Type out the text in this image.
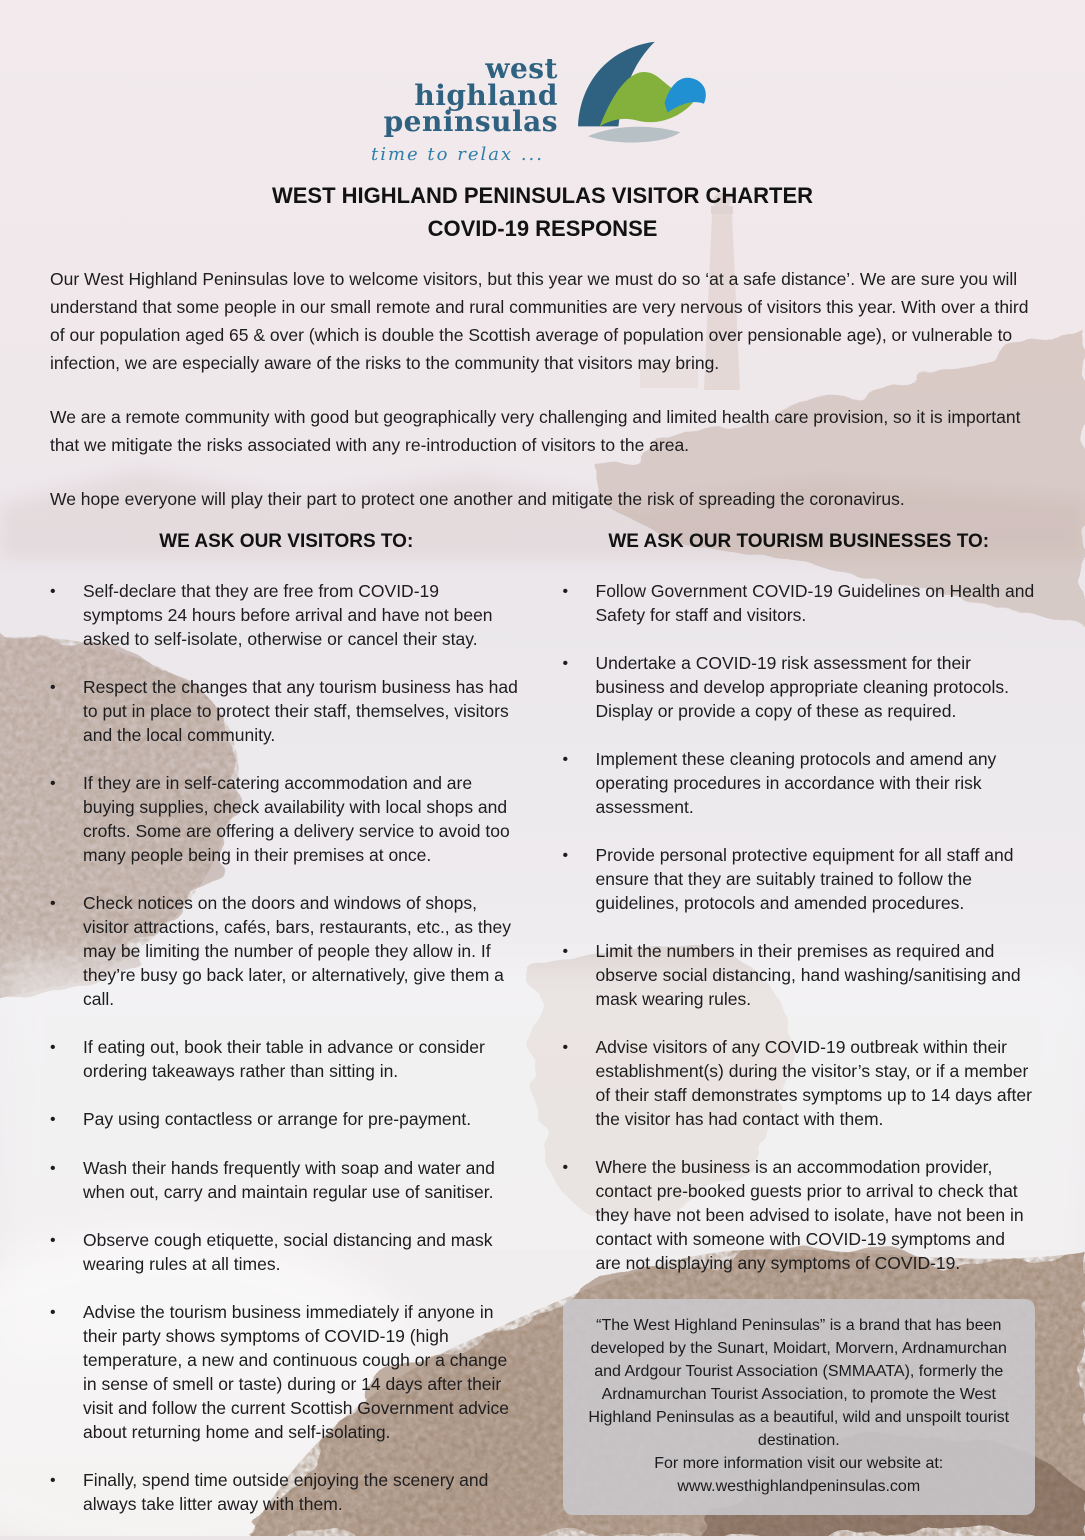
west
highland
peninsulas
time to relax ...
WEST HIGHLAND PENINSULAS VISITOR CHARTER
COVID-19 RESPONSE

Our West Highland Peninsulas love to welcome visitors, but this year we must do so ‘at a safe distance’. We are sure you will understand that some people in our small remote and rural communities are very nervous of visitors this year. With over a third of our population aged 65 & over (which is double the Scottish average of population over pensionable age), or vulnerable to infection, we are especially aware of the risks to the community that visitors may bring.

We are a remote community with good but geographically very challenging and limited health care provision, so it is important that we mitigate the risks associated with any re-introduction of visitors to the area.

We hope everyone will play their part to protect one another and mitigate the risk of spreading the coronavirus.

WE ASK OUR VISITORS TO:
•	Self-declare that they are free from COVID-19 symptoms 24 hours before arrival and have not been asked to self-isolate, otherwise or cancel their stay.
•	Respect the changes that any tourism business has had to put in place to protect their staff, themselves, visitors and the local community.
•	If they are in self-catering accommodation and are buying supplies, check availability with local shops and crofts. Some are offering a delivery service to avoid too many people being in their premises at once.
•	Check notices on the doors and windows of shops, visitor attractions, cafés, bars, restaurants, etc., as they may be limiting the number of people they allow in. If they’re busy go back later, or alternatively, give them a call.
•	If eating out, book their table in advance or consider ordering takeaways rather than sitting in.
•	Pay using contactless or arrange for pre-payment.
•	Wash their hands frequently with soap and water and when out, carry and maintain regular use of sanitiser.
•	Observe cough etiquette, social distancing and mask wearing rules at all times.
•	Advise the tourism business immediately if anyone in their party shows symptoms of COVID-19 (high temperature, a new and continuous cough or a change in sense of smell or taste) during or 14 days after their visit and follow the current Scottish Government advice about returning home and self-isolating.
•	Finally, spend time outside enjoying the scenery and always take litter away with them.
WE ASK OUR TOURISM BUSINESSES TO:
•	Follow Government COVID-19 Guidelines on Health and Safety for staff and visitors.
•	Undertake a COVID-19 risk assessment for their business and develop appropriate cleaning protocols. Display or provide a copy of these as required.
•	Implement these cleaning protocols and amend any operating procedures in accordance with their risk assessment.
•	Provide personal protective equipment for all staff and ensure that they are suitably trained to follow the guidelines, protocols and amended procedures.
•	Limit the numbers in their premises as required and observe social distancing, hand washing/sanitising and mask wearing rules.
•	Advise visitors of any COVID-19 outbreak within their establishment(s) during the visitor’s stay, or if a member of their staff demonstrates symptoms up to 14 days after the visitor has had contact with them.
•	Where the business is an accommodation provider, contact pre-booked guests prior to arrival to check that they have not been advised to isolate, have not been in contact with someone with COVID-19 symptoms and are not displaying any symptoms of COVID-19.

“The West Highland Peninsulas” is a brand that has been developed by the Sunart, Moidart, Morvern, Ardnamurchan and Ardgour Tourist Association (SMMAATA), formerly the Ardnamurchan Tourist Association, to promote the West Highland Peninsulas as a beautiful, wild and unspoilt tourist destination.

For more information visit our website at:

www.westhighlandpeninsulas.com
